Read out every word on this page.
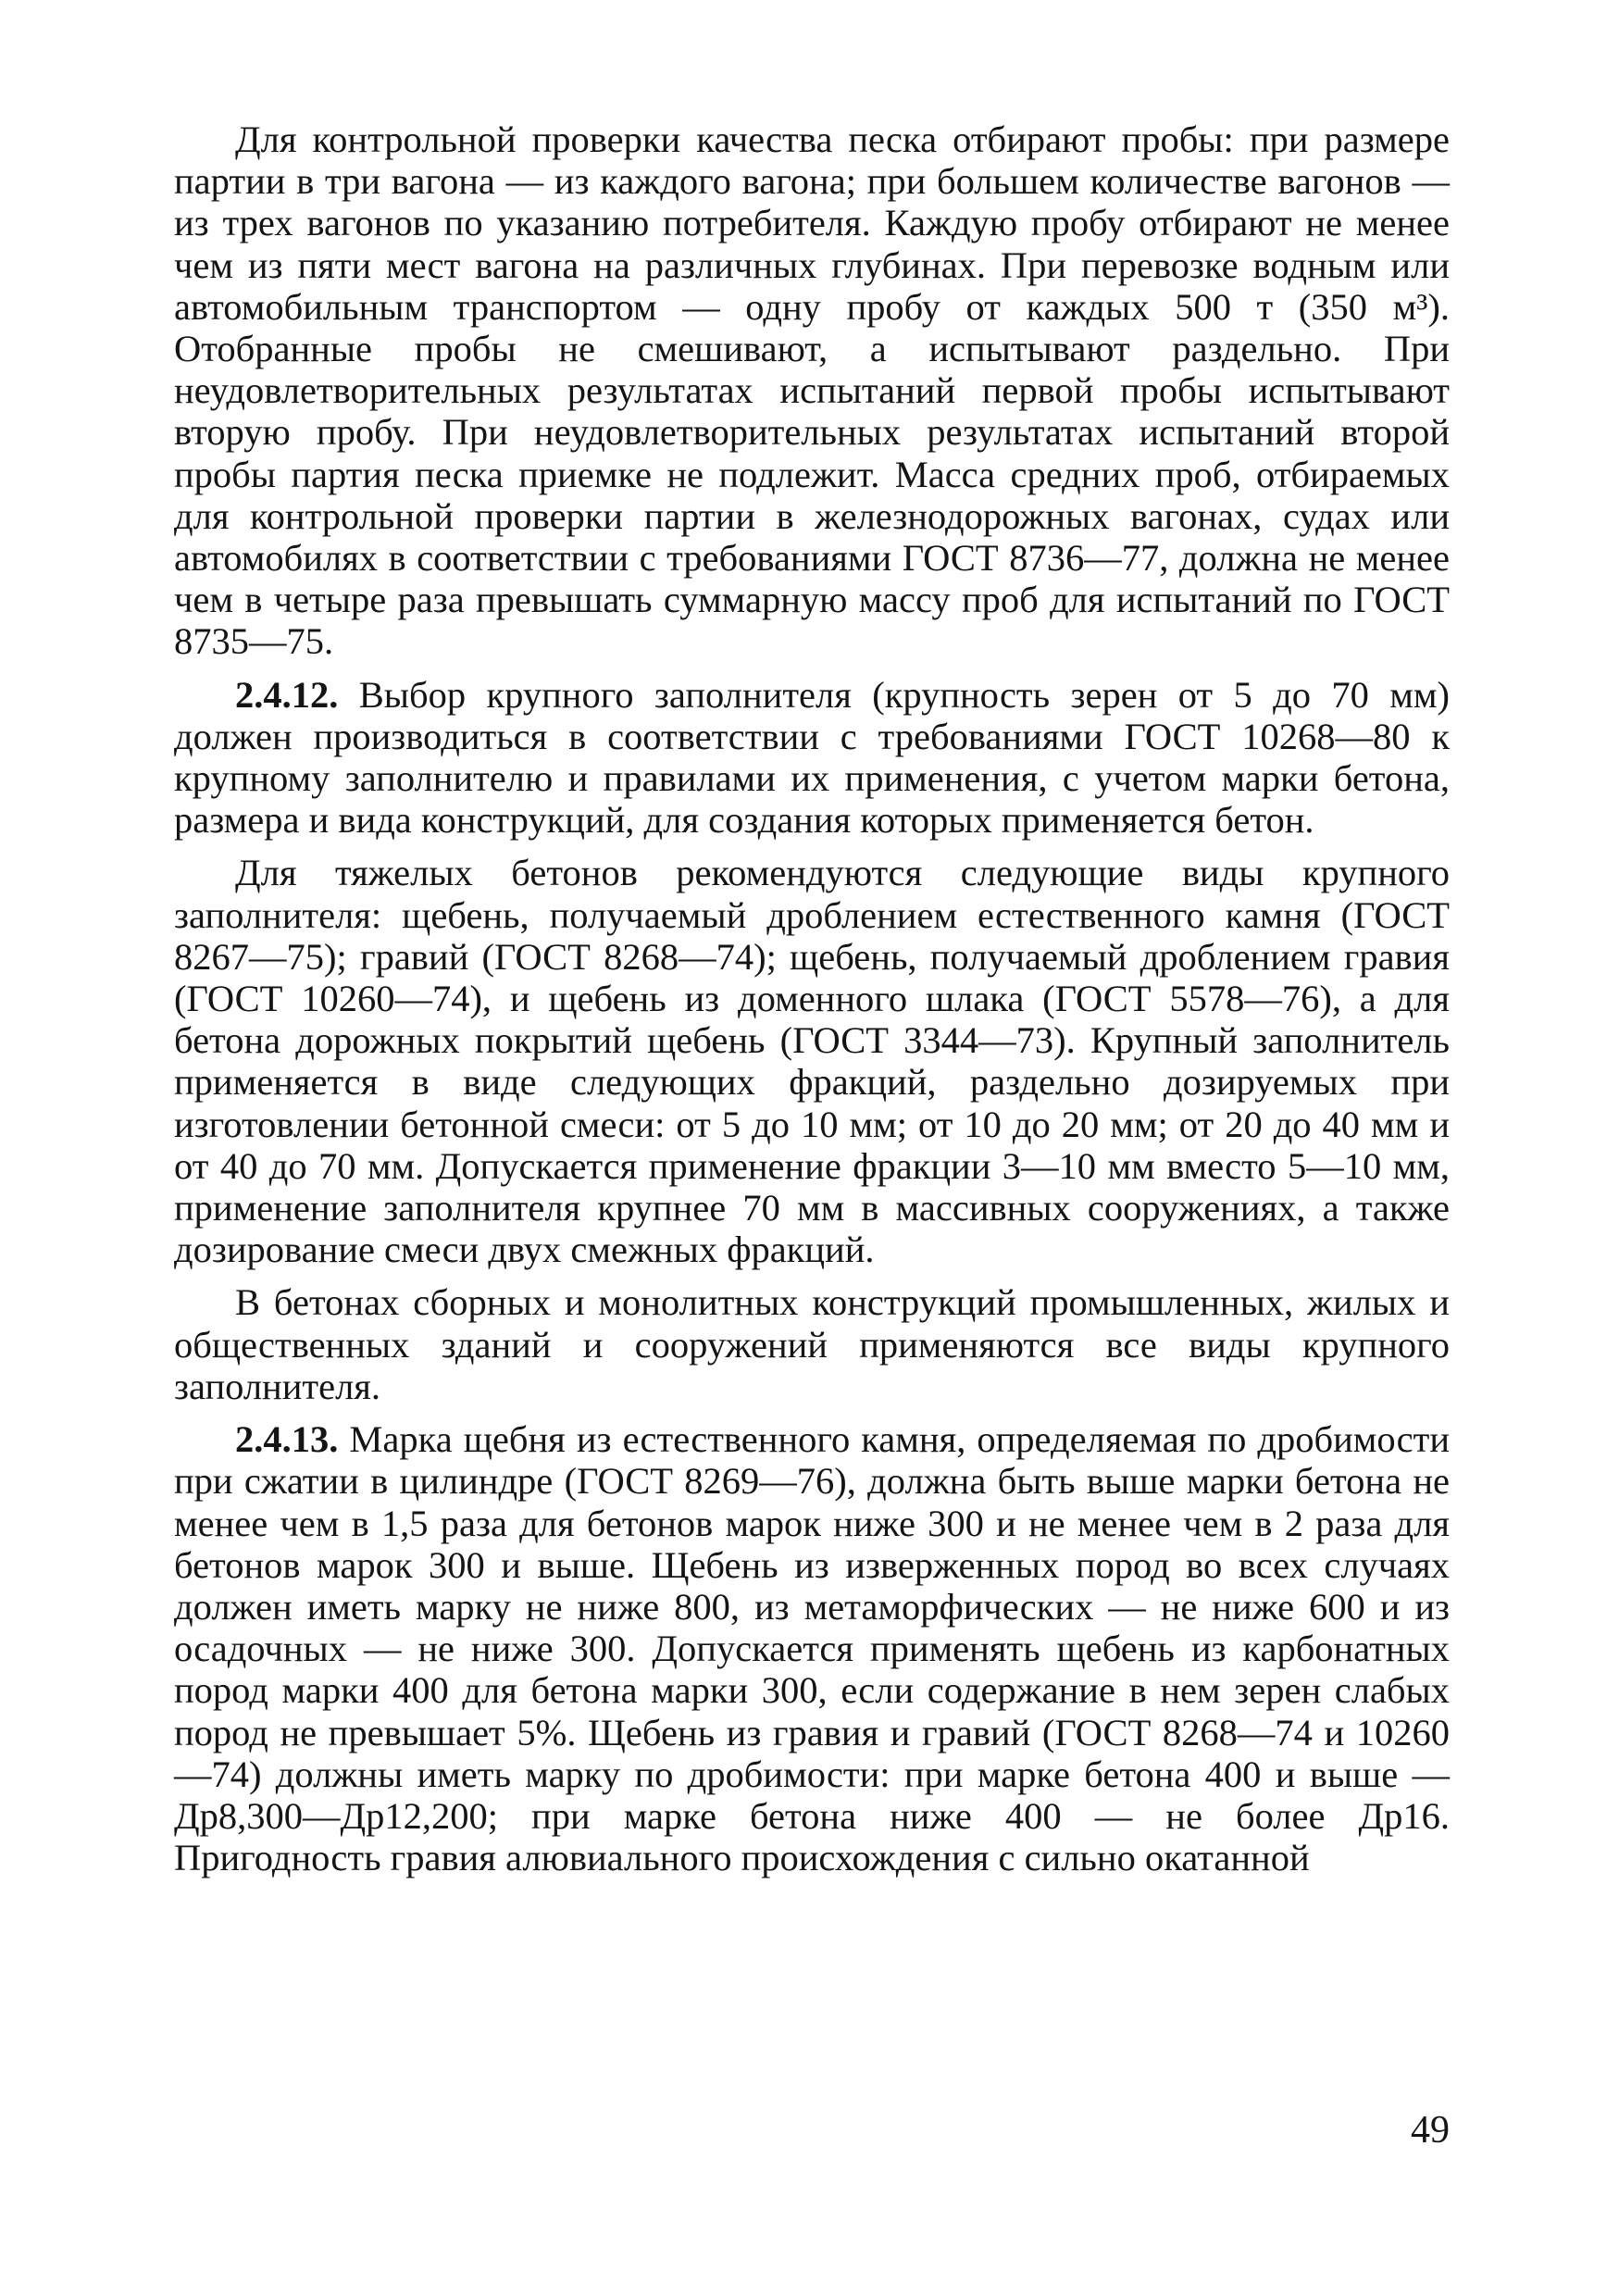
Для контрольной проверки качества песка отбирают пробы: при размере партии в три вагона — из каждого вагона; при большем количестве вагонов — из трех вагонов по указанию потребителя. Каждую пробу отбирают не менее чем из пяти мест вагона на различных глубинах. При перевозке водным или автомобильным транспортом — одну пробу от каждых 500 т (350 м³). Отобранные пробы не смешивают, а испытывают раздельно. При неудовлетворительных результатах испытаний первой пробы испытывают вторую пробу. При неудовлетворительных результатах испытаний второй пробы партия песка приемке не подлежит. Масса средних проб, отбираемых для контрольной проверки партии в железнодорожных вагонах, судах или автомобилях в соответствии с требованиями ГОСТ 8736—77, должна не менее чем в четыре раза превышать суммарную массу проб для испытаний по ГОСТ 8735—75.

2.4.12. Выбор крупного заполнителя (крупность зерен от 5 до 70 мм) должен производиться в соответствии с требованиями ГОСТ 10268—80 к крупному заполнителю и правилами их применения, с учетом марки бетона, размера и вида конструкций, для создания которых применяется бетон.

Для тяжелых бетонов рекомендуются следующие виды крупного заполнителя: щебень, получаемый дроблением естественного камня (ГОСТ 8267—75); гравий (ГОСТ 8268—74); щебень, получаемый дроблением гравия (ГОСТ 10260—74), и щебень из доменного шлака (ГОСТ 5578—76), а для бетона дорожных покрытий щебень (ГОСТ 3344—73). Крупный заполнитель применяется в виде следующих фракций, раздельно дозируемых при изготовлении бетонной смеси: от 5 до 10 мм; от 10 до 20 мм; от 20 до 40 мм и от 40 до 70 мм. Допускается применение фракции 3—10 мм вместо 5—10 мм, применение заполнителя крупнее 70 мм в массивных сооружениях, а также дозирование смеси двух смежных фракций.

В бетонах сборных и монолитных конструкций промышленных, жилых и общественных зданий и сооружений применяются все виды крупного заполнителя.

2.4.13. Марка щебня из естественного камня, определяемая по дробимости при сжатии в цилиндре (ГОСТ 8269—76), должна быть выше марки бетона не менее чем в 1,5 раза для бетонов марок ниже 300 и не менее чем в 2 раза для бетонов марок 300 и выше. Щебень из изверженных пород во всех случаях должен иметь марку не ниже 800, из метаморфических — не ниже 600 и из осадочных — не ниже 300. Допускается применять щебень из карбонатных пород марки 400 для бетона марки 300, если содержание в нем зерен слабых пород не превышает 5%. Щебень из гравия и гравий (ГОСТ 8268—74 и 10260—74) должны иметь марку по дробимости: при марке бетона 400 и выше — Др8,300—Др12,200; при марке бетона ниже 400 — не более Др16. Пригодность гравия алювиального происхождения с сильно окатанной

49
